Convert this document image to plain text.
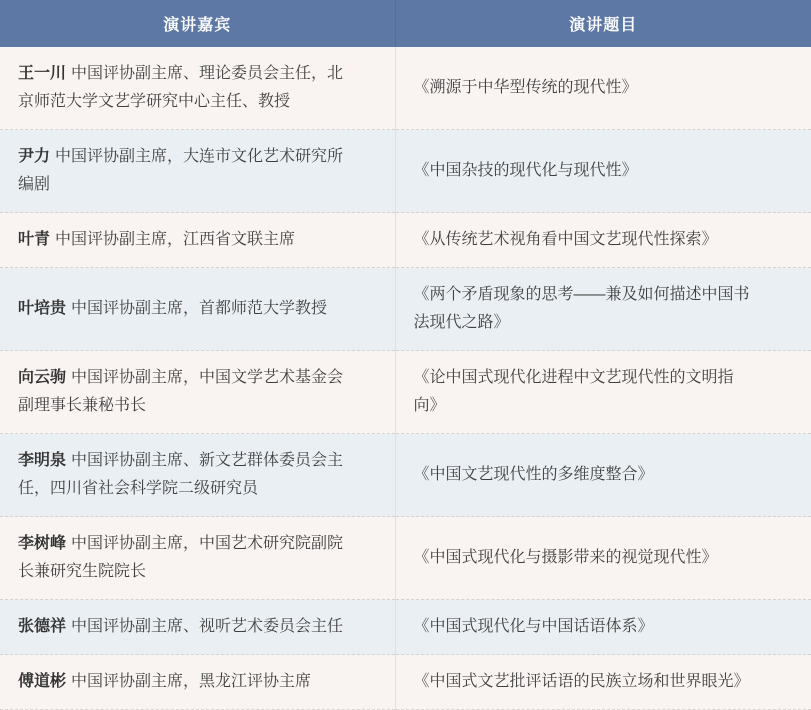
演讲嘉宾	演讲题目
王一川 中国评协副主席、理论委员会主任，北京师范大学文艺学研究中心主任、教授	《溯源于中华型传统的现代性》
尹力 中国评协副主席，大连市文化艺术研究所编剧	《中国杂技的现代化与现代性》
叶青 中国评协副主席，江西省文联主席	《从传统艺术视角看中国文艺现代性探索》
叶培贵 中国评协副主席，首都师范大学教授	《两个矛盾现象的思考——兼及如何描述中国书法现代之路》
向云驹 中国评协副主席，中国文学艺术基金会副理事长兼秘书长	《论中国式现代化进程中文艺现代性的文明指向》
李明泉 中国评协副主席、新文艺群体委员会主任，四川省社会科学院二级研究员	《中国文艺现代性的多维度整合》
李树峰 中国评协副主席，中国艺术研究院副院长兼研究生院院长	《中国式现代化与摄影带来的视觉现代性》
张德祥 中国评协副主席、视听艺术委员会主任	《中国式现代化与中国话语体系》
傅道彬 中国评协副主席，黑龙江评协主席	《中国式文艺批评话语的民族立场和世界眼光》
